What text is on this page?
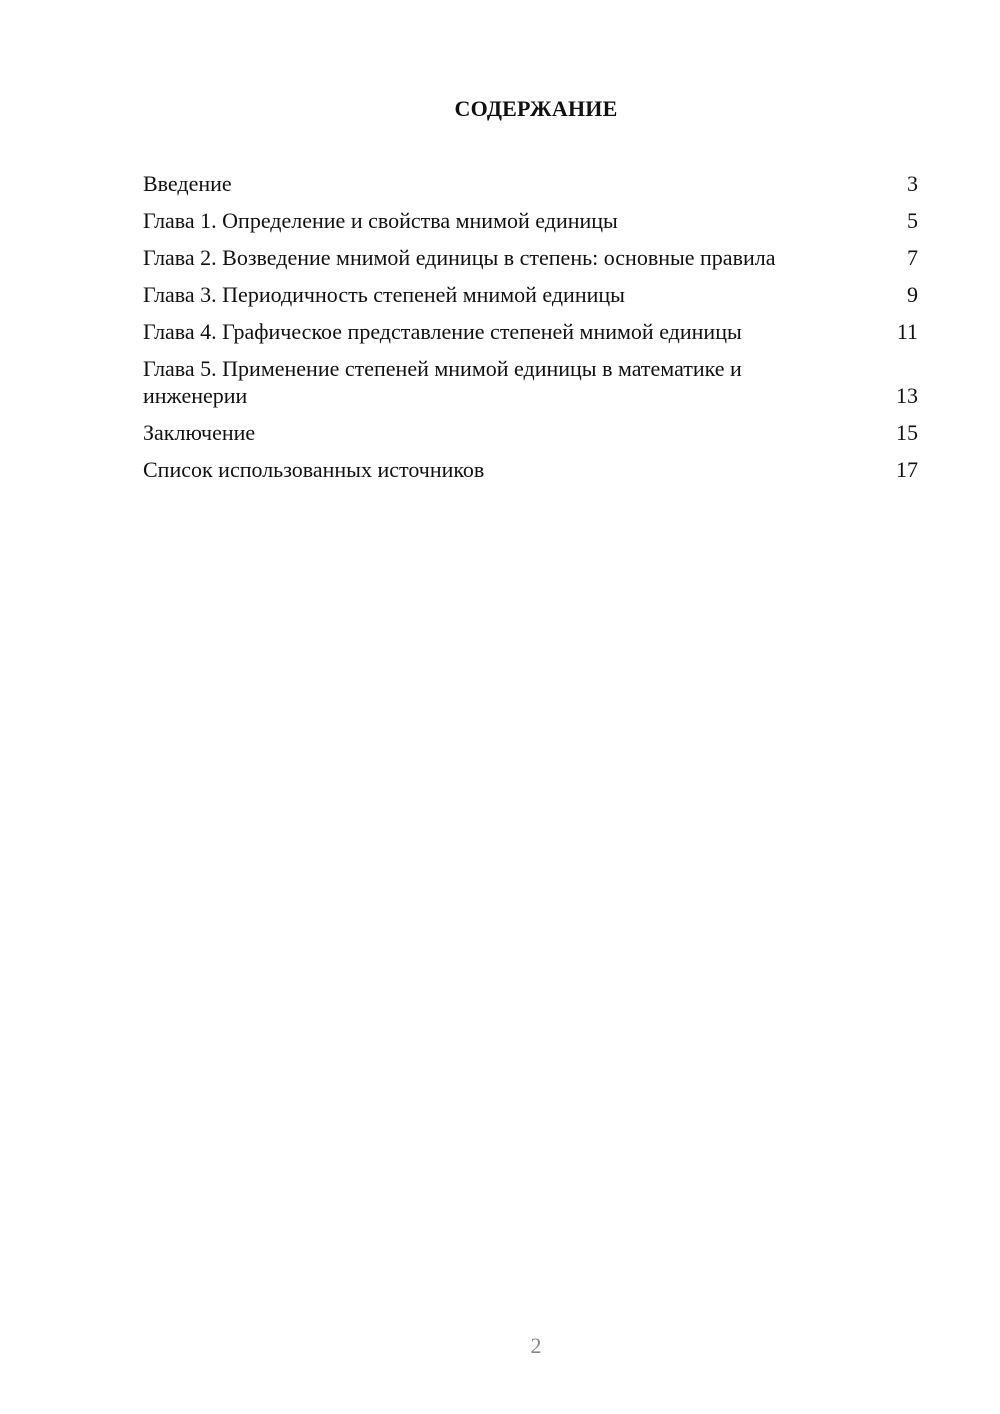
СОДЕРЖАНИЕ
Введение	3
Глава 1. Определение и свойства мнимой единицы	5
Глава 2. Возведение мнимой единицы в степень: основные правила	7
Глава 3. Периодичность степеней мнимой единицы	9
Глава 4. Графическое представление степеней мнимой единицы	11
Глава 5. Применение степеней мнимой единицы в математике и инженерии	13
Заключение	15
Список использованных источников	17
2
